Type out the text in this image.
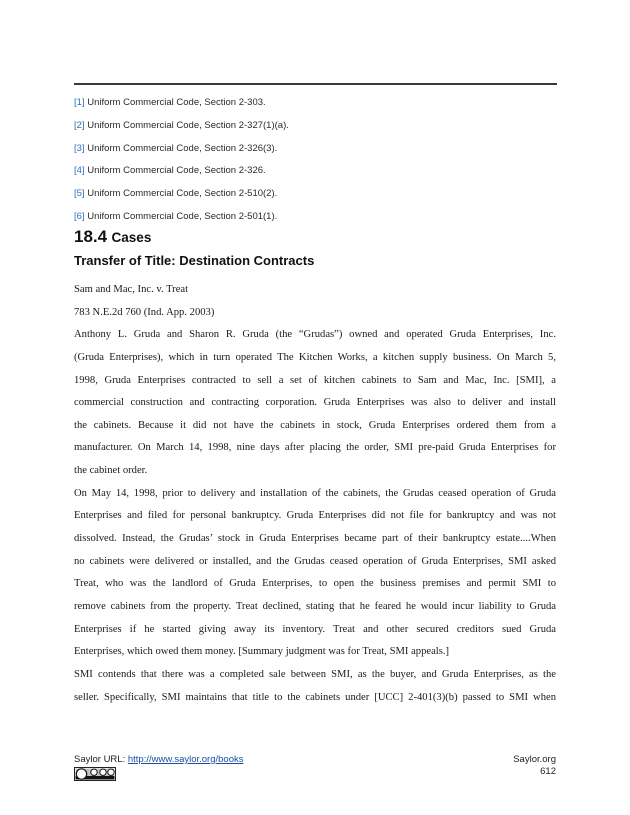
[1] Uniform Commercial Code, Section 2-303.
[2] Uniform Commercial Code, Section 2-327(1)(a).
[3] Uniform Commercial Code, Section 2-326(3).
[4] Uniform Commercial Code, Section 2-326.
[5] Uniform Commercial Code, Section 2-510(2).
[6] Uniform Commercial Code, Section 2-501(1).
18.4 Cases
Transfer of Title: Destination Contracts
Sam and Mac, Inc. v. Treat
783 N.E.2d 760 (Ind. App. 2003)
Anthony L. Gruda and Sharon R. Gruda (the “Grudas”) owned and operated Gruda Enterprises, Inc.
(Gruda Enterprises), which in turn operated The Kitchen Works, a kitchen supply business. On March 5,
1998, Gruda Enterprises contracted to sell a set of kitchen cabinets to Sam and Mac, Inc. [SMI], a
commercial construction and contracting corporation. Gruda Enterprises was also to deliver and install
the cabinets. Because it did not have the cabinets in stock, Gruda Enterprises ordered them from a
manufacturer. On March 14, 1998, nine days after placing the order, SMI pre-paid Gruda Enterprises for
the cabinet order.
On May 14, 1998, prior to delivery and installation of the cabinets, the Grudas ceased operation of Gruda
Enterprises and filed for personal bankruptcy. Gruda Enterprises did not file for bankruptcy and was not
dissolved. Instead, the Grudas’ stock in Gruda Enterprises became part of their bankruptcy estate....When
no cabinets were delivered or installed, and the Grudas ceased operation of Gruda Enterprises, SMI asked
Treat, who was the landlord of Gruda Enterprises, to open the business premises and permit SMI to
remove cabinets from the property. Treat declined, stating that he feared he would incur liability to Gruda
Enterprises if he started giving away its inventory. Treat and other secured creditors sued Gruda
Enterprises, which owed them money. [Summary judgment was for Treat, SMI appeals.]
SMI contends that there was a completed sale between SMI, as the buyer, and Gruda Enterprises, as the
seller. Specifically, SMI maintains that title to the cabinets under [UCC] 2-401(3)(b) passed to SMI when
Saylor URL: http://www.saylor.org/books	Saylor.org
612
